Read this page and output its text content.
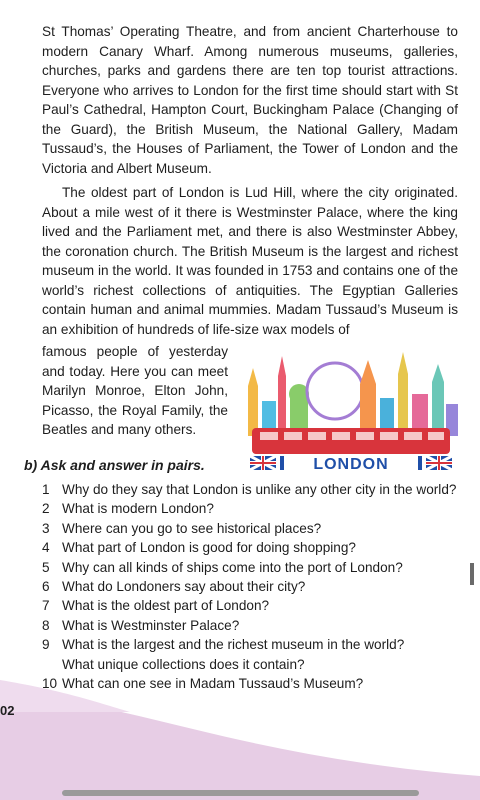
St Thomas’ Operating Theatre, and from ancient Charterhouse to modern Canary Wharf. Among numerous museums, galleries, churches, parks and gardens there are ten top tourist attractions. Everyone who arrives to London for the first time should start with St Paul’s Cathedral, Hampton Court, Buckingham Palace (Changing of the Guard), the British Museum, the National Gallery, Madam Tussaud’s, the Houses of Parliament, the Tower of London and the Victoria and Albert Museum.

The oldest part of London is Lud Hill, where the city originated. About a mile west of it there is Westminster Palace, where the king lived and the Parliament met, and there is also Westminster Abbey, the coronation church. The British Museum is the largest and richest museum in the world. It was founded in 1753 and contains one of the world’s richest collections of antiquities. The Egyptian Galleries contain human and animal mummies. Madam Tussaud’s Museum is an exhibition of hundreds of life-size wax models of

famous people of yesterday and today. Here you can meet Marilyn Monroe, Elton John, Picasso, the Royal Family, the Beatles and many others.

LONDON
b) Ask and answer in pairs.
1 Why do they say that London is unlike any other city in the world?
2 What is modern London?
3 Where can you go to see historical places?
4 What part of London is good for doing shopping?
5 Why can all kinds of ships come into the port of London?
6 What do Londoners say about their city?
7 What is the oldest part of London?
8 What is Westminster Palace?
9 What is the largest and the richest museum in the world?
What unique collections does it contain?
10 What can one see in Madam Tussaud’s Museum?
02
